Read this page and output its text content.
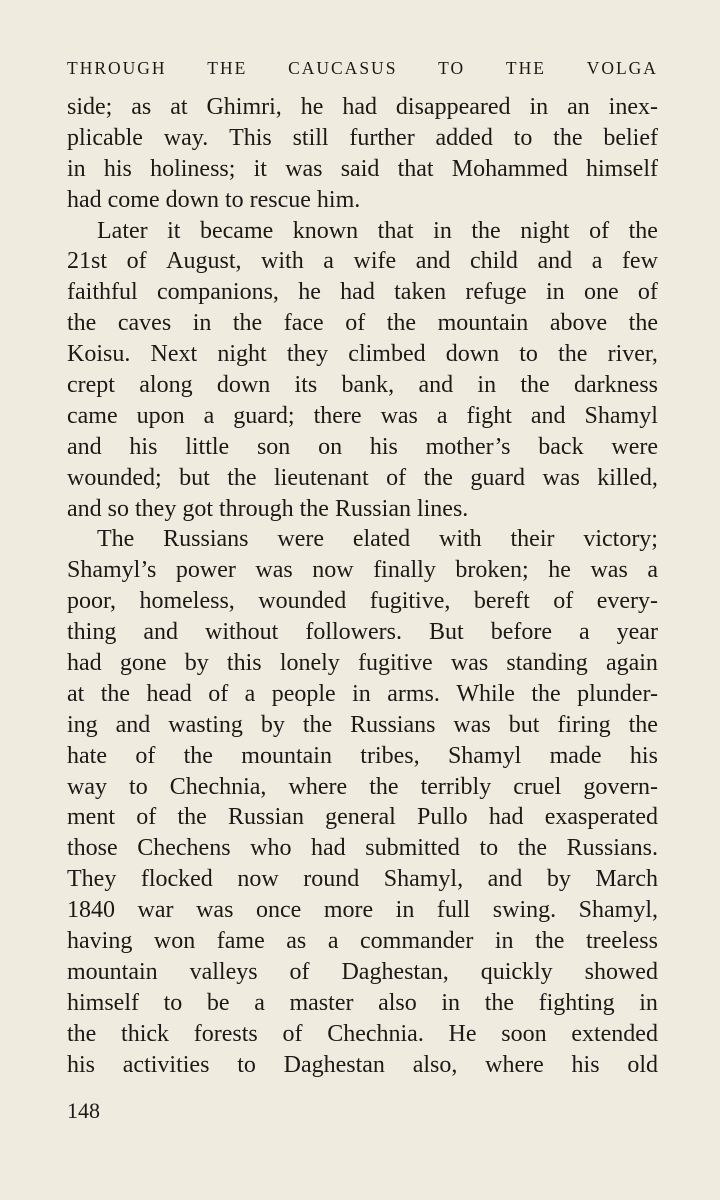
THROUGH THE CAUCASUS TO THE VOLGA
side; as at Ghimri, he had disappeared in an inex-
plicable way. This still further added to the belief
in his holiness; it was said that Mohammed himself
had come down to rescue him.
Later it became known that in the night of the
21st of August, with a wife and child and a few
faithful companions, he had taken refuge in one of
the caves in the face of the mountain above the
Koisu. Next night they climbed down to the river,
crept along down its bank, and in the darkness
came upon a guard; there was a fight and Shamyl
and his little son on his mother’s back were
wounded; but the lieutenant of the guard was killed,
and so they got through the Russian lines.
The Russians were elated with their victory;
Shamyl’s power was now finally broken; he was a
poor, homeless, wounded fugitive, bereft of every-
thing and without followers. But before a year
had gone by this lonely fugitive was standing again
at the head of a people in arms. While the plunder-
ing and wasting by the Russians was but firing the
hate of the mountain tribes, Shamyl made his
way to Chechnia, where the terribly cruel govern-
ment of the Russian general Pullo had exasperated
those Chechens who had submitted to the Russians.
They flocked now round Shamyl, and by March
1840 war was once more in full swing. Shamyl,
having won fame as a commander in the treeless
mountain valleys of Daghestan, quickly showed
himself to be a master also in the fighting in
the thick forests of Chechnia. He soon extended
his activities to Daghestan also, where his old
148
